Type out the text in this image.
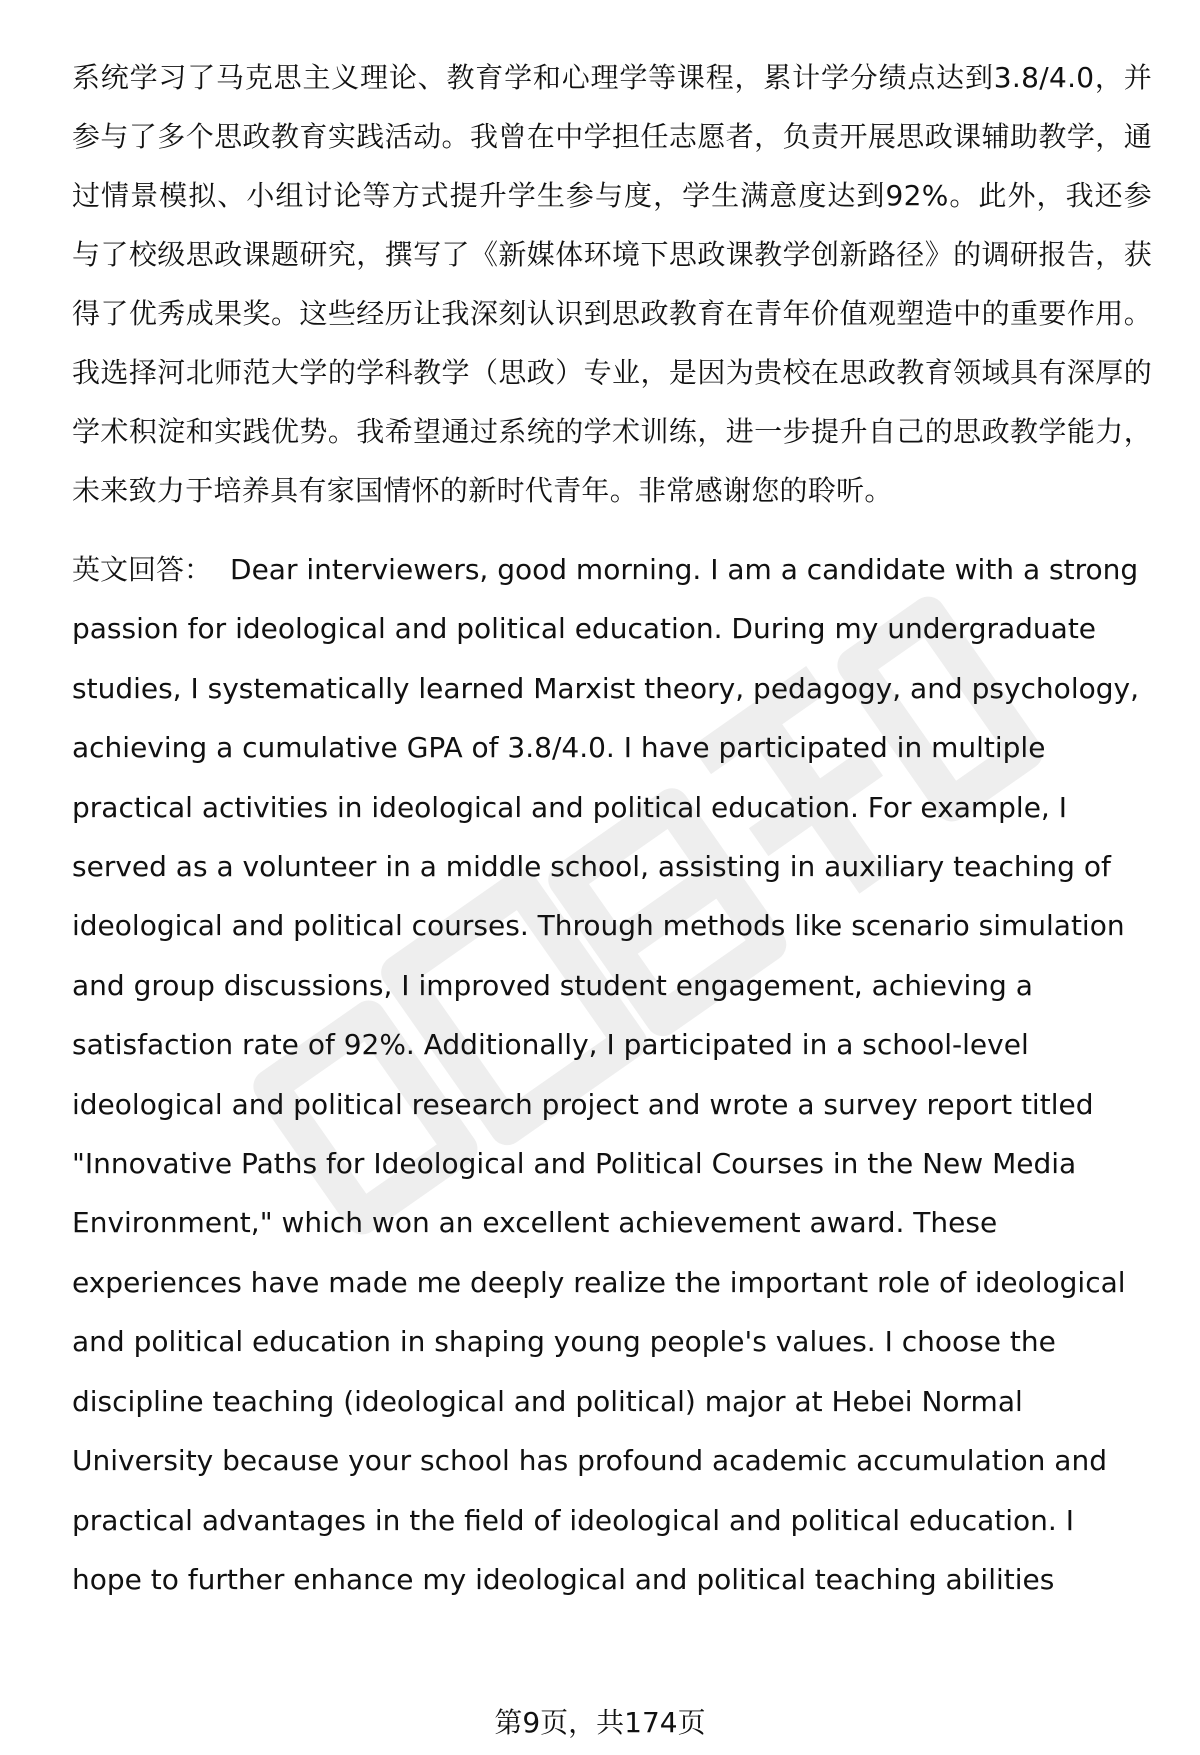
系统学习了马克思主义理论、教育学和心理学等课程，累计学分绩点达到3.8/4.0，并参与了多个思政教育实践活动。我曾在中学担任志愿者，负责开展思政课辅助教学，通过情景模拟、小组讨论等方式提升学生参与度，学生满意度达到92%。此外，我还参与了校级思政课题研究，撰写了《新媒体环境下思政课教学创新路径》的调研报告，获得了优秀成果奖。这些经历让我深刻认识到思政教育在青年价值观塑造中的重要作用。我选择河北师范大学的学科教学（思政）专业，是因为贵校在思政教育领域具有深厚的学术积淀和实践优势。我希望通过系统的学术训练，进一步提升自己的思政教学能力，未来致力于培养具有家国情怀的新时代青年。非常感谢您的聆听。

英文回答： Dear interviewers, good morning. I am a candidate with a strong passion for ideological and political education. During my undergraduate studies, I systematically learned Marxist theory, pedagogy, and psychology, achieving a cumulative GPA of 3.8/4.0. I have participated in multiple practical activities in ideological and political education. For example, I served as a volunteer in a middle school, assisting in auxiliary teaching of ideological and political courses. Through methods like scenario simulation and group discussions, I improved student engagement, achieving a satisfaction rate of 92%. Additionally, I participated in a school-level ideological and political research project and wrote a survey report titled "Innovative Paths for Ideological and Political Courses in the New Media Environment," which won an excellent achievement award. These experiences have made me deeply realize the important role of ideological and political education in shaping young people's values. I choose the discipline teaching (ideological and political) major at Hebei Normal University because your school has profound academic accumulation and practical advantages in the field of ideological and political education. I hope to further enhance my ideological and political teaching abilities

第9页，共174页
